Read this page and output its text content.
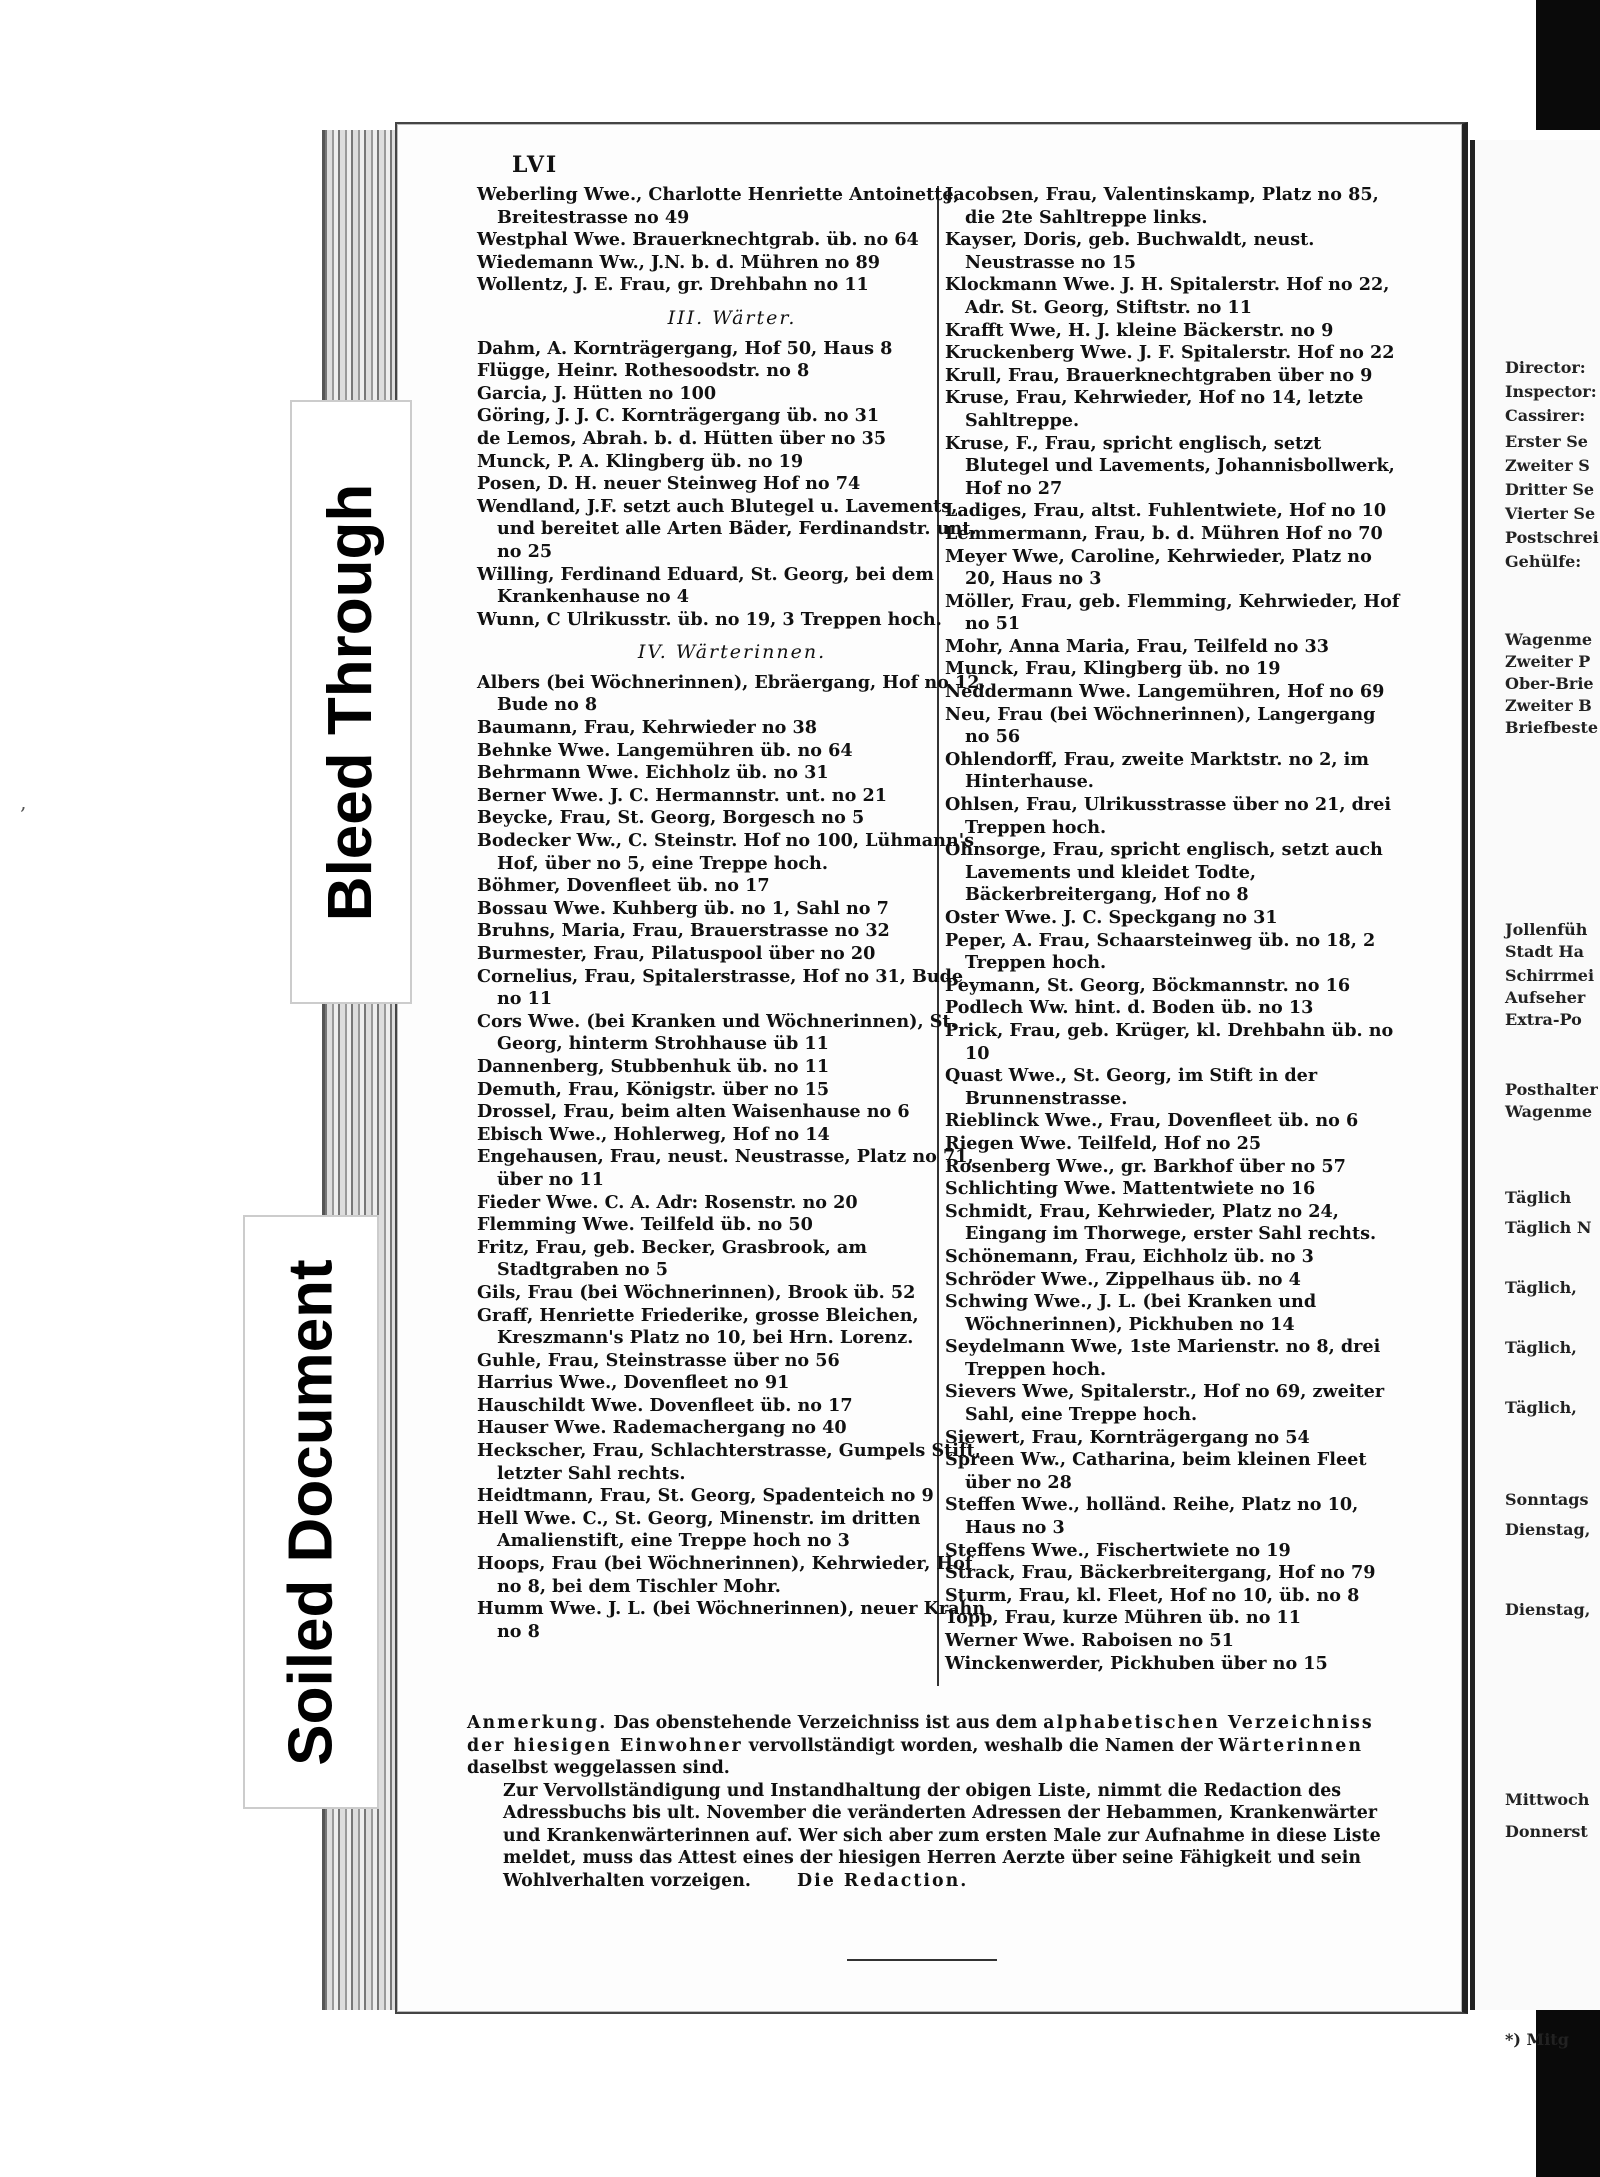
‚
LVI
Weberling Wwe., Charlotte Henriette Antoinette, Breitestrasse no 49
Westphal Wwe. Brauerknechtgrab. üb. no 64
Wiedemann Ww., J.N. b. d. Mühren no 89
Wollentz, J. E. Frau, gr. Drehbahn no 11
III. Wärter.
Dahm, A. Kornträgergang, Hof 50, Haus 8
Flügge, Heinr. Rothesoodstr. no 8
Garcia, J. Hütten no 100
Göring, J. J. C. Kornträgergang üb. no 31
de Lemos, Abrah. b. d. Hütten über no 35
Munck, P. A. Klingberg üb. no 19
Posen, D. H. neuer Steinweg Hof no 74
Wendland, J.F. setzt auch Blutegel u. Lavements, und bereitet alle Arten Bäder, Ferdinandstr. unt. no 25
Willing, Ferdinand Eduard, St. Georg, bei dem Krankenhause no 4
Wunn, C Ulrikusstr. üb. no 19, 3 Treppen hoch.
IV. Wärterinnen.
Albers (bei Wöchnerinnen), Ebräergang, Hof no 12, Bude no 8
Baumann, Frau, Kehrwieder no 38
Behnke Wwe. Langemühren üb. no 64
Behrmann Wwe. Eichholz üb. no 31
Berner Wwe. J. C. Hermannstr. unt. no 21
Beycke, Frau, St. Georg, Borgesch no 5
Bodecker Ww., C. Steinstr. Hof no 100, Lühmann's Hof, über no 5, eine Treppe hoch.
Böhmer, Dovenfleet üb. no 17
Bossau Wwe. Kuhberg üb. no 1, Sahl no 7
Bruhns, Maria, Frau, Brauerstrasse no 32
Burmester, Frau, Pilatuspool über no 20
Cornelius, Frau, Spitalerstrasse, Hof no 31, Bude no 11
Cors Wwe. (bei Kranken und Wöchnerinnen), St. Georg, hinterm Strohhause üb 11
Dannenberg, Stubbenhuk üb. no 11
Demuth, Frau, Königstr. über no 15
Drossel, Frau, beim alten Waisenhause no 6
Ebisch Wwe., Hohlerweg, Hof no 14
Engehausen, Frau, neust. Neustrasse, Platz no 71, über no 11
Fieder Wwe. C. A. Adr: Rosenstr. no 20
Flemming Wwe. Teilfeld üb. no 50
Fritz, Frau, geb. Becker, Grasbrook, am Stadtgraben no 5
Gils, Frau (bei Wöchnerinnen), Brook üb. 52
Graff, Henriette Friederike, grosse Bleichen, Kreszmann's Platz no 10, bei Hrn. Lorenz.
Guhle, Frau, Steinstrasse über no 56
Harrius Wwe., Dovenfleet no 91
Hauschildt Wwe. Dovenfleet üb. no 17
Hauser Wwe. Rademachergang no 40
Heckscher, Frau, Schlachterstrasse, Gumpels Stift, letzter Sahl rechts.
Heidtmann, Frau, St. Georg, Spadenteich no 9
Hell Wwe. C., St. Georg, Minenstr. im dritten Amalienstift, eine Treppe hoch no 3
Hoops, Frau (bei Wöchnerinnen), Kehrwieder, Hof no 8, bei dem Tischler Mohr.
Humm Wwe. J. L. (bei Wöchnerinnen), neuer Krahn no 8
Jacobsen, Frau, Valentinskamp, Platz no 85, die 2te Sahltreppe links.
Kayser, Doris, geb. Buchwaldt, neust. Neustrasse no 15
Klockmann Wwe. J. H. Spitalerstr. Hof no 22, Adr. St. Georg, Stiftstr. no 11
Krafft Wwe, H. J. kleine Bäckerstr. no 9
Kruckenberg Wwe. J. F. Spitalerstr. Hof no 22
Krull, Frau, Brauerknechtgraben über no 9
Kruse, Frau, Kehrwieder, Hof no 14, letzte Sahltreppe.
Kruse, F., Frau, spricht englisch, setzt Blutegel und Lavements, Johannisbollwerk, Hof no 27
Ladiges, Frau, altst. Fuhlentwiete, Hof no 10
Lemmermann, Frau, b. d. Mühren Hof no 70
Meyer Wwe, Caroline, Kehrwieder, Platz no 20, Haus no 3
Möller, Frau, geb. Flemming, Kehrwieder, Hof no 51
Mohr, Anna Maria, Frau, Teilfeld no 33
Munck, Frau, Klingberg üb. no 19
Neddermann Wwe. Langemühren, Hof no 69
Neu, Frau (bei Wöchnerinnen), Langergang no 56
Ohlendorff, Frau, zweite Marktstr. no 2, im Hinterhause.
Ohlsen, Frau, Ulrikusstrasse über no 21, drei Treppen hoch.
Ohnsorge, Frau, spricht englisch, setzt auch Lavements und kleidet Todte, Bäckerbreitergang, Hof no 8
Oster Wwe. J. C. Speckgang no 31
Peper, A. Frau, Schaarsteinweg üb. no 18, 2 Treppen hoch.
Peymann, St. Georg, Böckmannstr. no 16
Podlech Ww. hint. d. Boden üb. no 13
Prick, Frau, geb. Krüger, kl. Drehbahn üb. no 10
Quast Wwe., St. Georg, im Stift in der Brunnenstrasse.
Rieblinck Wwe., Frau, Dovenfleet üb. no 6
Riegen Wwe. Teilfeld, Hof no 25
Rosenberg Wwe., gr. Barkhof über no 57
Schlichting Wwe. Mattentwiete no 16
Schmidt, Frau, Kehrwieder, Platz no 24, Eingang im Thorwege, erster Sahl rechts.
Schönemann, Frau, Eichholz üb. no 3
Schröder Wwe., Zippelhaus üb. no 4
Schwing Wwe., J. L. (bei Kranken und Wöchnerinnen), Pickhuben no 14
Seydelmann Wwe, 1ste Marienstr. no 8, drei Treppen hoch.
Sievers Wwe, Spitalerstr., Hof no 69, zweiter Sahl, eine Treppe hoch.
Siewert, Frau, Kornträgergang no 54
Spreen Ww., Catharina, beim kleinen Fleet über no 28
Steffen Wwe., holländ. Reihe, Platz no 10, Haus no 3
Steffens Wwe., Fischertwiete no 19
Strack, Frau, Bäckerbreitergang, Hof no 79
Sturm, Frau, kl. Fleet, Hof no 10, üb. no 8
Topp, Frau, kurze Mühren üb. no 11
Werner Wwe. Raboisen no 51
Winckenwerder, Pickhuben über no 15

Anmerkung. Das obenstehende Verzeichniss ist aus dem alphabetischen Verzeichniss der hiesigen Einwohner vervollständigt worden, weshalb die Namen der Wärterinnen daselbst weggelassen sind.

Zur Vervollständigung und Instandhaltung der obigen Liste, nimmt die Redaction des Adressbuchs bis ult. November die veränderten Adressen der Hebammen, Krankenwärter und Krankenwärterinnen auf. Wer sich aber zum ersten Male zur Aufnahme in diese Liste meldet, muss das Attest eines der hiesigen Herren Aerzte über seine Fähigkeit und sein Wohlverhalten vorzeigen.	Die Redaction.

Director:
Inspector:
Cassirer:
Erster Se
Zweiter S
Dritter Se
Vierter Se
Postschrei
Gehülfe:
Wagenme
Zweiter P
Ober-Brie
Zweiter B
Briefbeste
Jollenfüh
Stadt Ha
Schirrmei
Aufseher
Extra-Po
Posthalter
Wagenme
Täglich
Täglich N
Täglich,
Täglich,
Täglich,
Sonntags
Dienstag,
Dienstag,
Mittwoch
Donnerst
*) Mitg
Bleed Through
Soiled Document
